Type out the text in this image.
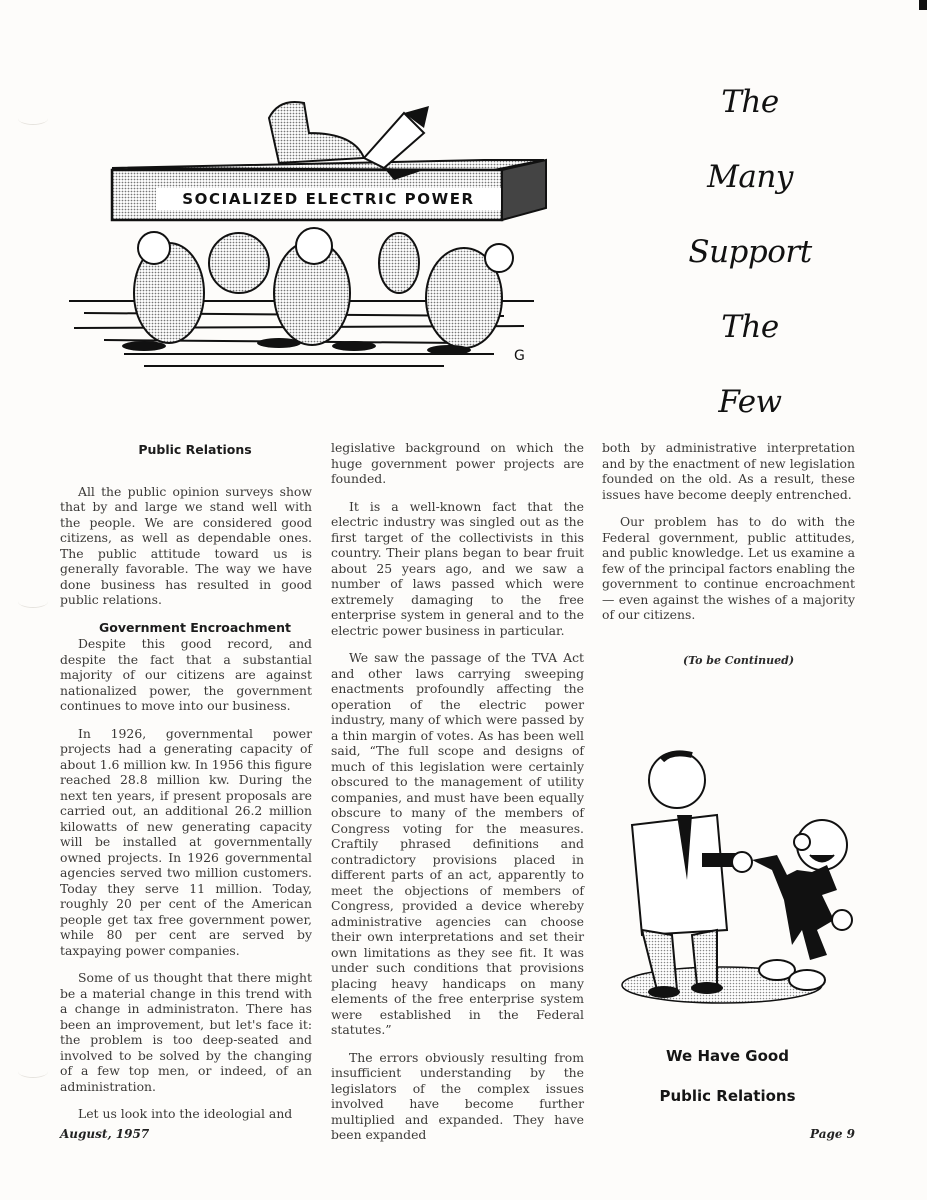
G
SOCIALIZED ELECTRIC POWER
The
Many
Support
The
Few

Public Relations

All the public opinion surveys show that by and large we stand well with the people. We are considered good citizens, as well as dependable ones. The public attitude toward us is generally favorable. The way we have done business has resulted in good public relations.

Government Encroachment

Despite this good record, and despite the fact that a substantial majority of our citizens are against nationalized power, the government continues to move into our business.

In 1926, governmental power projects had a generating capacity of about 1.6 million kw. In 1956 this figure reached 28.8 million kw. During the next ten years, if present proposals are carried out, an additional 26.2 million kilowatts of new generating capacity will be installed at governmentally owned projects. In 1926 governmental agencies served two million customers. Today they serve 11 million. Today, roughly 20 per cent of the American people get tax free government power, while 80 per cent are served by taxpaying power companies.

Some of us thought that there might be a material change in this trend with a change in administraton. There has been an improvement, but let's face it: the problem is too deep-seated and involved to be solved by the changing of a few top men, or indeed, of an administration.

Let us look into the ideologial and

legislative background on which the huge government power projects are founded.

It is a well-known fact that the electric industry was singled out as the first target of the collectivists in this country. Their plans began to bear fruit about 25 years ago, and we saw a number of laws passed which were extremely damaging to the free enterprise system in general and to the electric power business in particular.

We saw the passage of the TVA Act and other laws carrying sweeping enactments profoundly affecting the operation of the electric power industry, many of which were passed by a thin margin of votes. As has been well said, “The full scope and designs of much of this legislation were certainly obscured to the management of utility companies, and must have been equally obscure to many of the members of Congress voting for the measures. Craftily phrased definitions and contradictory provisions placed in different parts of an act, apparently to meet the objections of members of Congress, provided a device whereby administrative agencies can choose their own interpretations and set their own limitations as they see fit. It was under such conditions that provisions placing heavy handicaps on many elements of the free enterprise system were established in the Federal statutes.”

The errors obviously resulting from insufficient understanding by the legislators of the complex issues involved have become further multiplied and expanded. They have been expanded

both by administrative interpretation and by the enactment of new legislation founded on the old. As a result, these issues have become deeply entrenched.

Our problem has to do with the Federal government, public attitudes, and public knowledge. Let us examine a few of the principal factors enabling the government to continue encroachment — even against the wishes of a majority of our citizens.

(To be Continued)
We Have Good
Public Relations
August, 1957	Page 9
